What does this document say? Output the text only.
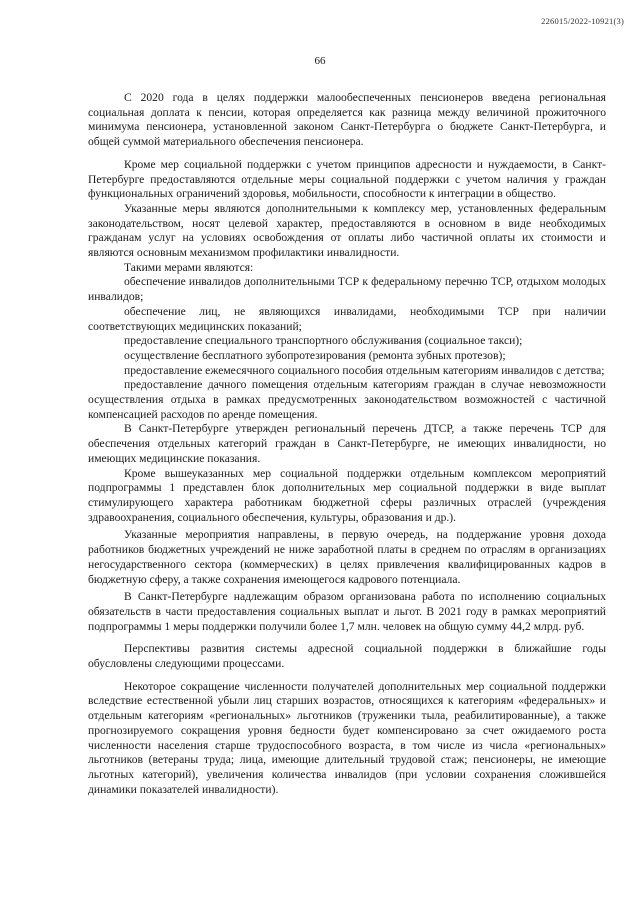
226015/2022-10921(3)
66

С 2020 года в целях поддержки малообеспеченных пенсионеров введена региональная социальная доплата к пенсии, которая определяется как разница между величиной прожиточного минимума пенсионера, установленной законом Санкт-Петербурга о бюджете Санкт-Петербурга, и общей суммой материального обеспечения пенсионера.

Кроме мер социальной поддержки с учетом принципов адресности и нуждаемости, в Санкт-Петербурге предоставляются отдельные меры социальной поддержки с учетом наличия у граждан функциональных ограничений здоровья, мобильности, способности к интеграции в общество.

Указанные меры являются дополнительными к комплексу мер, установленных федеральным законодательством, носят целевой характер, предоставляются в основном в виде необходимых гражданам услуг на условиях освобождения от оплаты либо частичной оплаты их стоимости и являются основным механизмом профилактики инвалидности.

Такими мерами являются:

обеспечение инвалидов дополнительными ТСР к федеральному перечню ТСР, отдыхом молодых инвалидов;

обеспечение лиц, не являющихся инвалидами, необходимыми ТСР при наличии соответствующих медицинских показаний;

предоставление специального транспортного обслуживания (социальное такси);

осуществление бесплатного зубопротезирования (ремонта зубных протезов);

предоставление ежемесячного социального пособия отдельным категориям инвалидов с детства;

предоставление дачного помещения отдельным категориям граждан в случае невозможности осуществления отдыха в рамках предусмотренных законодательством возможностей с частичной компенсацией расходов по аренде помещения.

В Санкт-Петербурге утвержден региональный перечень ДТСР, а также перечень ТСР для обеспечения отдельных категорий граждан в Санкт-Петербурге, не имеющих инвалидности, но имеющих медицинские показания.

Кроме вышеуказанных мер социальной поддержки отдельным комплексом мероприятий подпрограммы 1 представлен блок дополнительных мер социальной поддержки в виде выплат стимулирующего характера работникам бюджетной сферы различных отраслей (учреждения здравоохранения, социального обеспечения, культуры, образования и др.).

Указанные мероприятия направлены, в первую очередь, на поддержание уровня дохода работников бюджетных учреждений не ниже заработной платы в среднем по отраслям в организациях негосударственного сектора (коммерческих) в целях привлечения квалифицированных кадров в бюджетную сферу, а также сохранения имеющегося кадрового потенциала.

В Санкт-Петербурге надлежащим образом организована работа по исполнению социальных обязательств в части предоставления социальных выплат и льгот. В 2021 году в рамках мероприятий подпрограммы 1 меры поддержки получили более 1,7 млн. человек на общую сумму 44,2 млрд. руб.

Перспективы развития системы адресной социальной поддержки в ближайшие годы обусловлены следующими процессами.

Некоторое сокращение численности получателей дополнительных мер социальной поддержки вследствие естественной убыли лиц старших возрастов, относящихся к категориям «федеральных» и отдельным категориям «региональных» льготников (труженики тыла, реабилитированные), а также прогнозируемого сокращения уровня бедности будет компенсировано за счет ожидаемого роста численности населения старше трудоспособного возраста, в том числе из числа «региональных» льготников (ветераны труда; лица, имеющие длительный трудовой стаж; пенсионеры, не имеющие льготных категорий), увеличения количества инвалидов (при условии сохранения сложившейся динамики показателей инвалидности).
